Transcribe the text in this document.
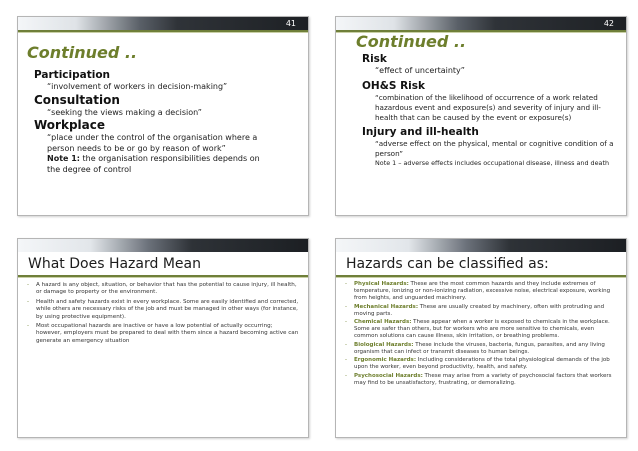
41
Continued ..
Participation
“involvement of workers in decision-making”
Consultation
“seeking the views making a decision”
Workplace
“place under the control of the organisation where a person needs to be or go by reason of work”
Note 1: the organisation responsibilities depends on the degree of control
42
Continued ..
Risk
“effect of uncertainty”
OH&S Risk
“combination of the likelihood of occurrence of a work related hazardous event and exposure(s) and severity of injury and ill-health that can be caused by the event or exposure(s)
Injury and ill-health
“adverse effect on the physical, mental or cognitive condition of a person”
Note 1 – adverse effects includes occupational disease, illness and death
What Does Hazard Mean
- A hazard is any object, situation, or behavior that has the potential to cause injury, ill health, or damage to property or the environment.
- Health and safety hazards exist in every workplace. Some are easily identified and corrected, while others are necessary risks of the job and must be managed in other ways (for instance, by using protective equipment).
- Most occupational hazards are inactive or have a low potential of actually occurring; however, employers must be prepared to deal with them since a hazard becoming active can generate an emergency situation
Hazards can be classified as:
- Physical Hazards: These are the most common hazards and they include extremes of temperature, ionizing or non-ionizing radiation, excessive noise, electrical exposure, working from heights, and unguarded machinery.
- Mechanical Hazards: These are usually created by machinery, often with protruding and moving parts.
- Chemical Hazards: These appear when a worker is exposed to chemicals in the workplace. Some are safer than others, but for workers who are more sensitive to chemicals, even common solutions can cause illness, skin irritation, or breathing problems.
- Biological Hazards: These include the viruses, bacteria, fungus, parasites, and any living organism that can infect or transmit diseases to human beings.
- Ergonomic Hazards: Including considerations of the total physiological demands of the job upon the worker, even beyond productivity, health, and safety.
- Psychosocial Hazards: These may arise from a variety of psychosocial factors that workers may find to be unsatisfactory, frustrating, or demoralizing.
